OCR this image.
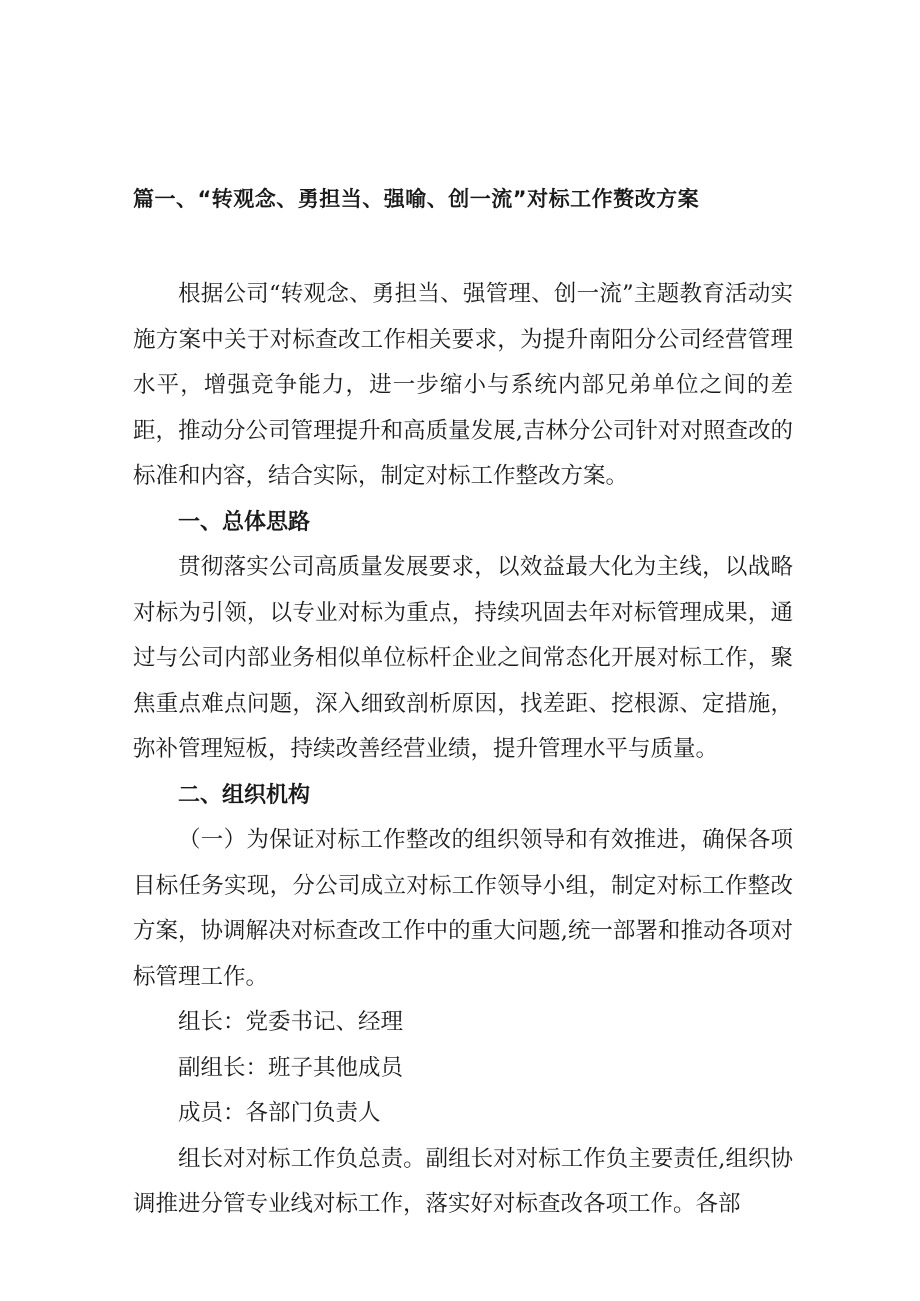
篇一、“转观念、勇担当、强喻、创一流”对标工作赘改方案

根据公司“转观念、勇担当、强管理、创一流”主题教育活动实施方案中关于对标查改工作相关要求，为提升南阳分公司经营管理水平，增强竞争能力，进一步缩小与系统内部兄弟单位之间的差距，推动分公司管理提升和高质量发展,吉林分公司针对对照查改的标准和内容，结合实际，制定对标工作整改方案。

一、总体思路

贯彻落实公司高质量发展要求，以效益最大化为主线，以战略对标为引领，以专业对标为重点，持续巩固去年对标管理成果，通过与公司内部业务相似单位标杆企业之间常态化开展对标工作，聚焦重点难点问题，深入细致剖析原因，找差距、挖根源、定措施，弥补管理短板，持续改善经营业绩，提升管理水平与质量。

二、组织机构

（一）为保证对标工作整改的组织领导和有效推进，确保各项目标任务实现，分公司成立对标工作领导小组，制定对标工作整改方案，协调解决对标查改工作中的重大问题,统一部署和推动各项对标管理工作。

组长：党委书记、经理

副组长：班子其他成员

成员：各部门负责人

组长对对标工作负总责。副组长对对标工作负主要责任,组织协调推进分管专业线对标工作，落实好对标查改各项工作。各部
